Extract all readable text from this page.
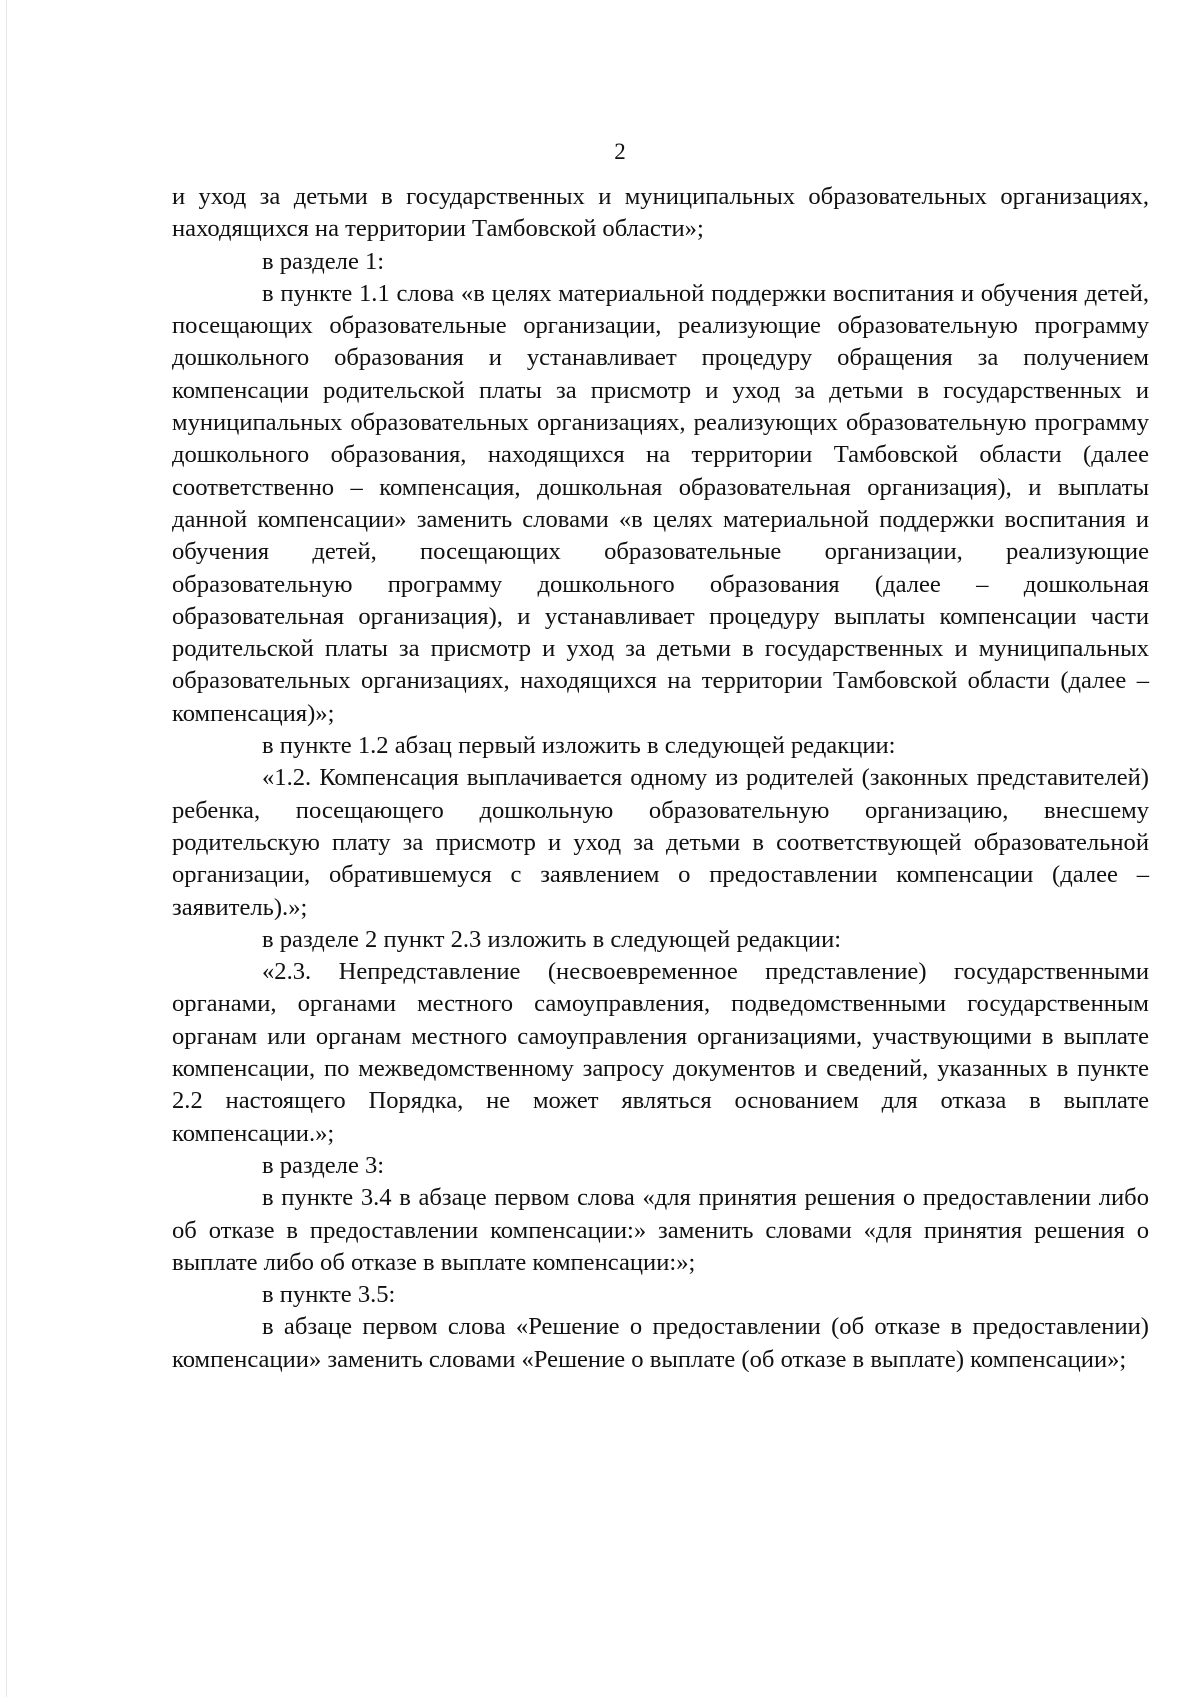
2

и уход за детьми в государственных и муниципальных образовательных организациях, находящихся на территории Тамбовской области»;

в разделе 1:

в пункте 1.1 слова «в целях материальной поддержки воспитания и обучения детей, посещающих образовательные организации, реализующие образовательную программу дошкольного образования и устанавливает процедуру обращения за получением компенсации родительской платы за присмотр и уход за детьми в государственных и муниципальных образовательных организациях, реализующих образовательную программу дошкольного образования, находящихся на территории Тамбовской области (далее соответственно – компенсация, дошкольная образовательная организация), и выплаты данной компенсации» заменить словами «в целях материальной поддержки воспитания и обучения детей, посещающих образовательные организации, реализующие образовательную программу дошкольного образования (далее – дошкольная образовательная организация), и устанавливает процедуру выплаты компенсации части родительской платы за присмотр и уход за детьми в государственных и муниципальных образовательных организациях, находящихся на территории Тамбовской области (далее – компенсация)»;

в пункте 1.2 абзац первый изложить в следующей редакции:

«1.2. Компенсация выплачивается одному из родителей (законных представителей) ребенка, посещающего дошкольную образовательную организацию, внесшему родительскую плату за присмотр и уход за детьми в соответствующей образовательной организации, обратившемуся с заявлением о предоставлении компенсации (далее – заявитель).»;

в разделе 2 пункт 2.3 изложить в следующей редакции:

«2.3. Непредставление (несвоевременное представление) государственными органами, органами местного самоуправления, подведомственными государственным органам или органам местного самоуправления организациями, участвующими в выплате компенсации, по межведомственному запросу документов и сведений, указанных в пункте 2.2 настоящего Порядка, не может являться основанием для отказа в выплате компенсации.»;

в разделе 3:

в пункте 3.4 в абзаце первом слова «для принятия решения о предоставлении либо об отказе в предоставлении компенсации:» заменить словами «для принятия решения о выплате либо об отказе в выплате компенсации:»;

в пункте 3.5:

в абзаце первом слова «Решение о предоставлении (об отказе в предоставлении) компенсации» заменить словами «Решение о выплате (об отказе в выплате) компенсации»;
